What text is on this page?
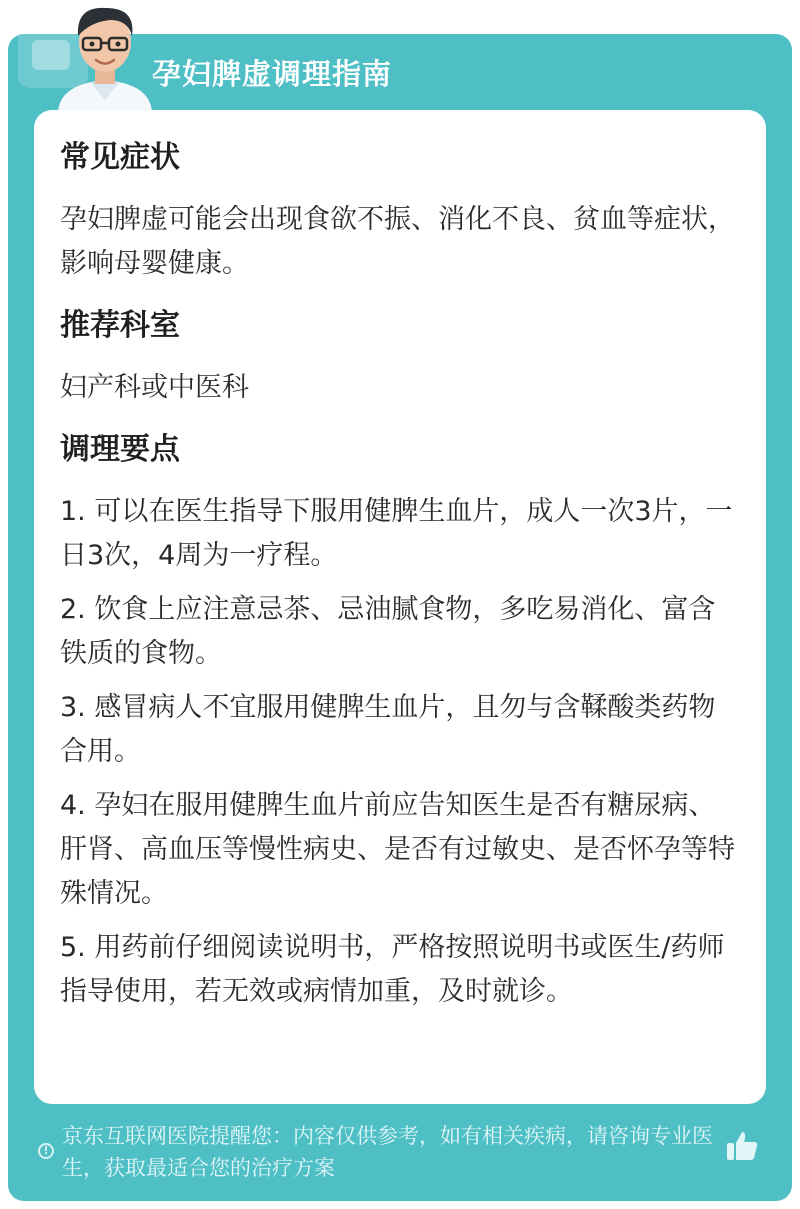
孕妇脾虚调理指南
常见症状
孕妇脾虚可能会出现食欲不振、消化不良、贫血等症状，影响母婴健康。
推荐科室
妇产科或中医科
调理要点
1. 可以在医生指导下服用健脾生血片，成人一次3片，一日3次，4周为一疗程。
2. 饮食上应注意忌茶、忌油腻食物，多吃易消化、富含铁质的食物。
3. 感冒病人不宜服用健脾生血片，且勿与含鞣酸类药物合用。
4. 孕妇在服用健脾生血片前应告知医生是否有糖尿病、肝肾、高血压等慢性病史、是否有过敏史、是否怀孕等特殊情况。
5. 用药前仔细阅读说明书，严格按照说明书或医生/药师指导使用，若无效或病情加重，及时就诊。
!
京东互联网医院提醒您：内容仅供参考，如有相关疾病，请咨询专业医生，获取最适合您的治疗方案
